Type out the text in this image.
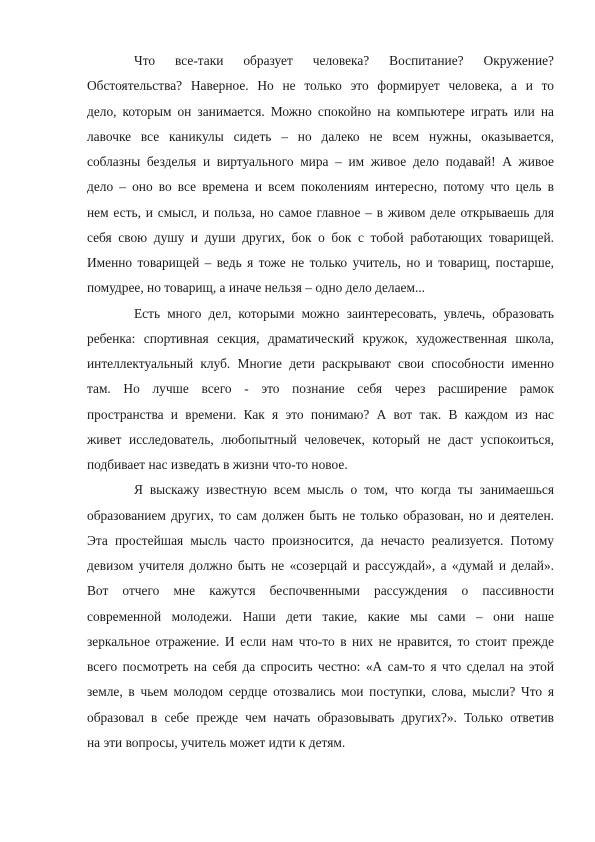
Что все-таки образует человека? Воспитание? Окружение?
Обстоятельства? Наверное. Но не только это формирует человека, а и то
дело, которым он занимается. Можно спокойно на компьютере играть или на
лавочке все каникулы сидеть – но далеко не всем нужны, оказывается,
соблазны безделья и виртуального мира – им живое дело подавай! А живое
дело – оно во все времена и всем поколениям интересно, потому что цель в
нем есть, и смысл, и польза, но самое главное – в живом деле открываешь для
себя свою душу и души других, бок о бок с тобой работающих товарищей.
Именно товарищей – ведь я тоже не только учитель, но и товарищ, постарше,
помудрее, но товарищ, а иначе нельзя – одно дело делаем...
Есть много дел, которыми можно заинтересовать, увлечь, образовать
ребенка: спортивная секция, драматический кружок, художественная школа,
интеллектуальный клуб. Многие дети раскрывают свои способности именно
там. Но лучше всего - это познание себя через расширение рамок
пространства и времени. Как я это понимаю? А вот так. В каждом из нас
живет исследователь, любопытный человечек, который не даст успокоиться,
подбивает нас изведать в жизни что-то новое.
Я выскажу известную всем мысль о том, что когда ты занимаешься
образованием других, то сам должен быть не только образован, но и деятелен.
Эта простейшая мысль часто произносится, да нечасто реализуется. Потому
девизом учителя должно быть не «созерцай и рассуждай», а «думай и делай».
Вот отчего мне кажутся беспочвенными рассуждения о пассивности
современной молодежи. Наши дети такие, какие мы сами – они наше
зеркальное отражение. И если нам что-то в них не нравится, то стоит прежде
всего посмотреть на себя да спросить честно: «А сам-то я что сделал на этой
земле, в чьем молодом сердце отозвались мои поступки, слова, мысли? Что я
образовал в себе прежде чем начать образовывать других?». Только ответив
на эти вопросы, учитель может идти к детям.
